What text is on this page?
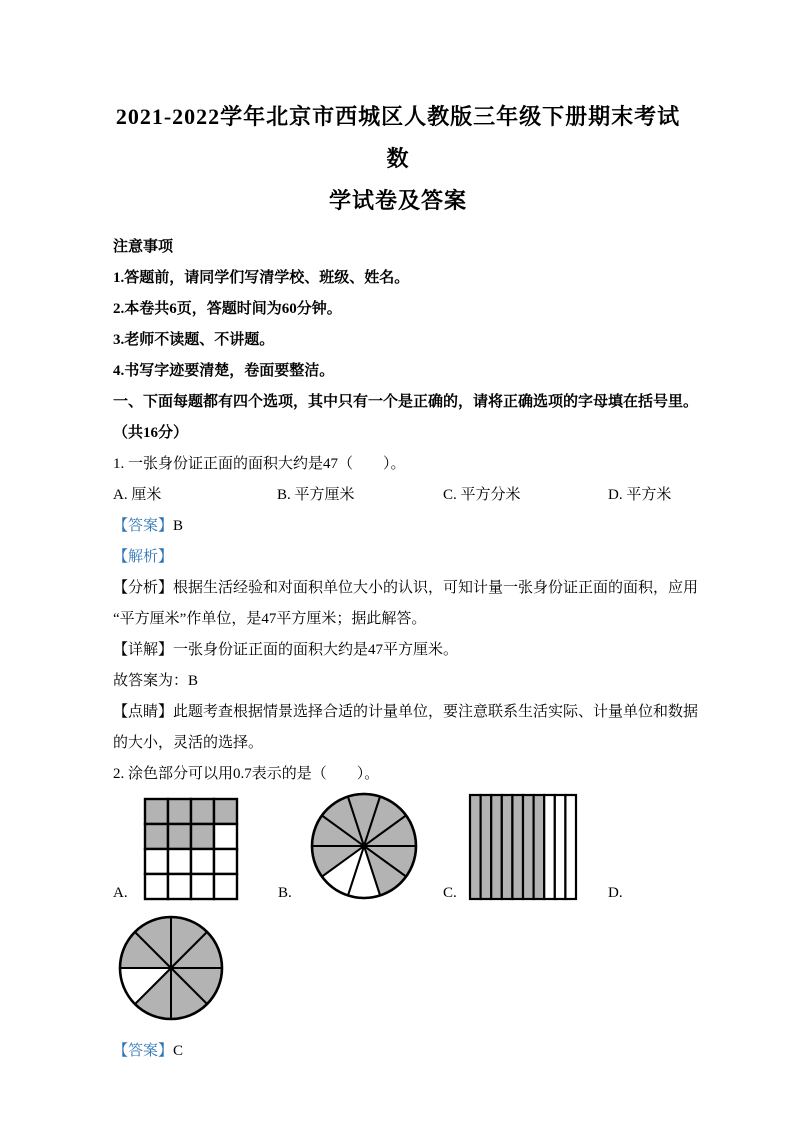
2021-2022学年北京市西城区人教版三年级下册期末考试数
学试卷及答案

注意事项

1.答题前，请同学们写清学校、班级、姓名。

2.本卷共6页，答题时间为60分钟。

3.老师不读题、不讲题。

4.书写字迹要清楚，卷面要整洁。

一、下面每题都有四个选项，其中只有一个是正确的，请将正确选项的字母填在括号里。

（共16分）

1. 一张身份证正面的面积大约是47（　　）。

A. 厘米	B. 平方厘米	C. 平方分米	D. 平方米

【答案】B

【解析】

【分析】根据生活经验和对面积单位大小的认识，可知计量一张身份证正面的面积，应用

“平方厘米”作单位，是47平方厘米；据此解答。

【详解】一张身份证正面的面积大约是47平方厘米。

故答案为：B

【点睛】此题考查根据情景选择合适的计量单位，要注意联系生活实际、计量单位和数据

的大小，灵活的选择。

2. 涂色部分可以用0.7表示的是（　　）。

A.	B.	C.	D.

【答案】C
